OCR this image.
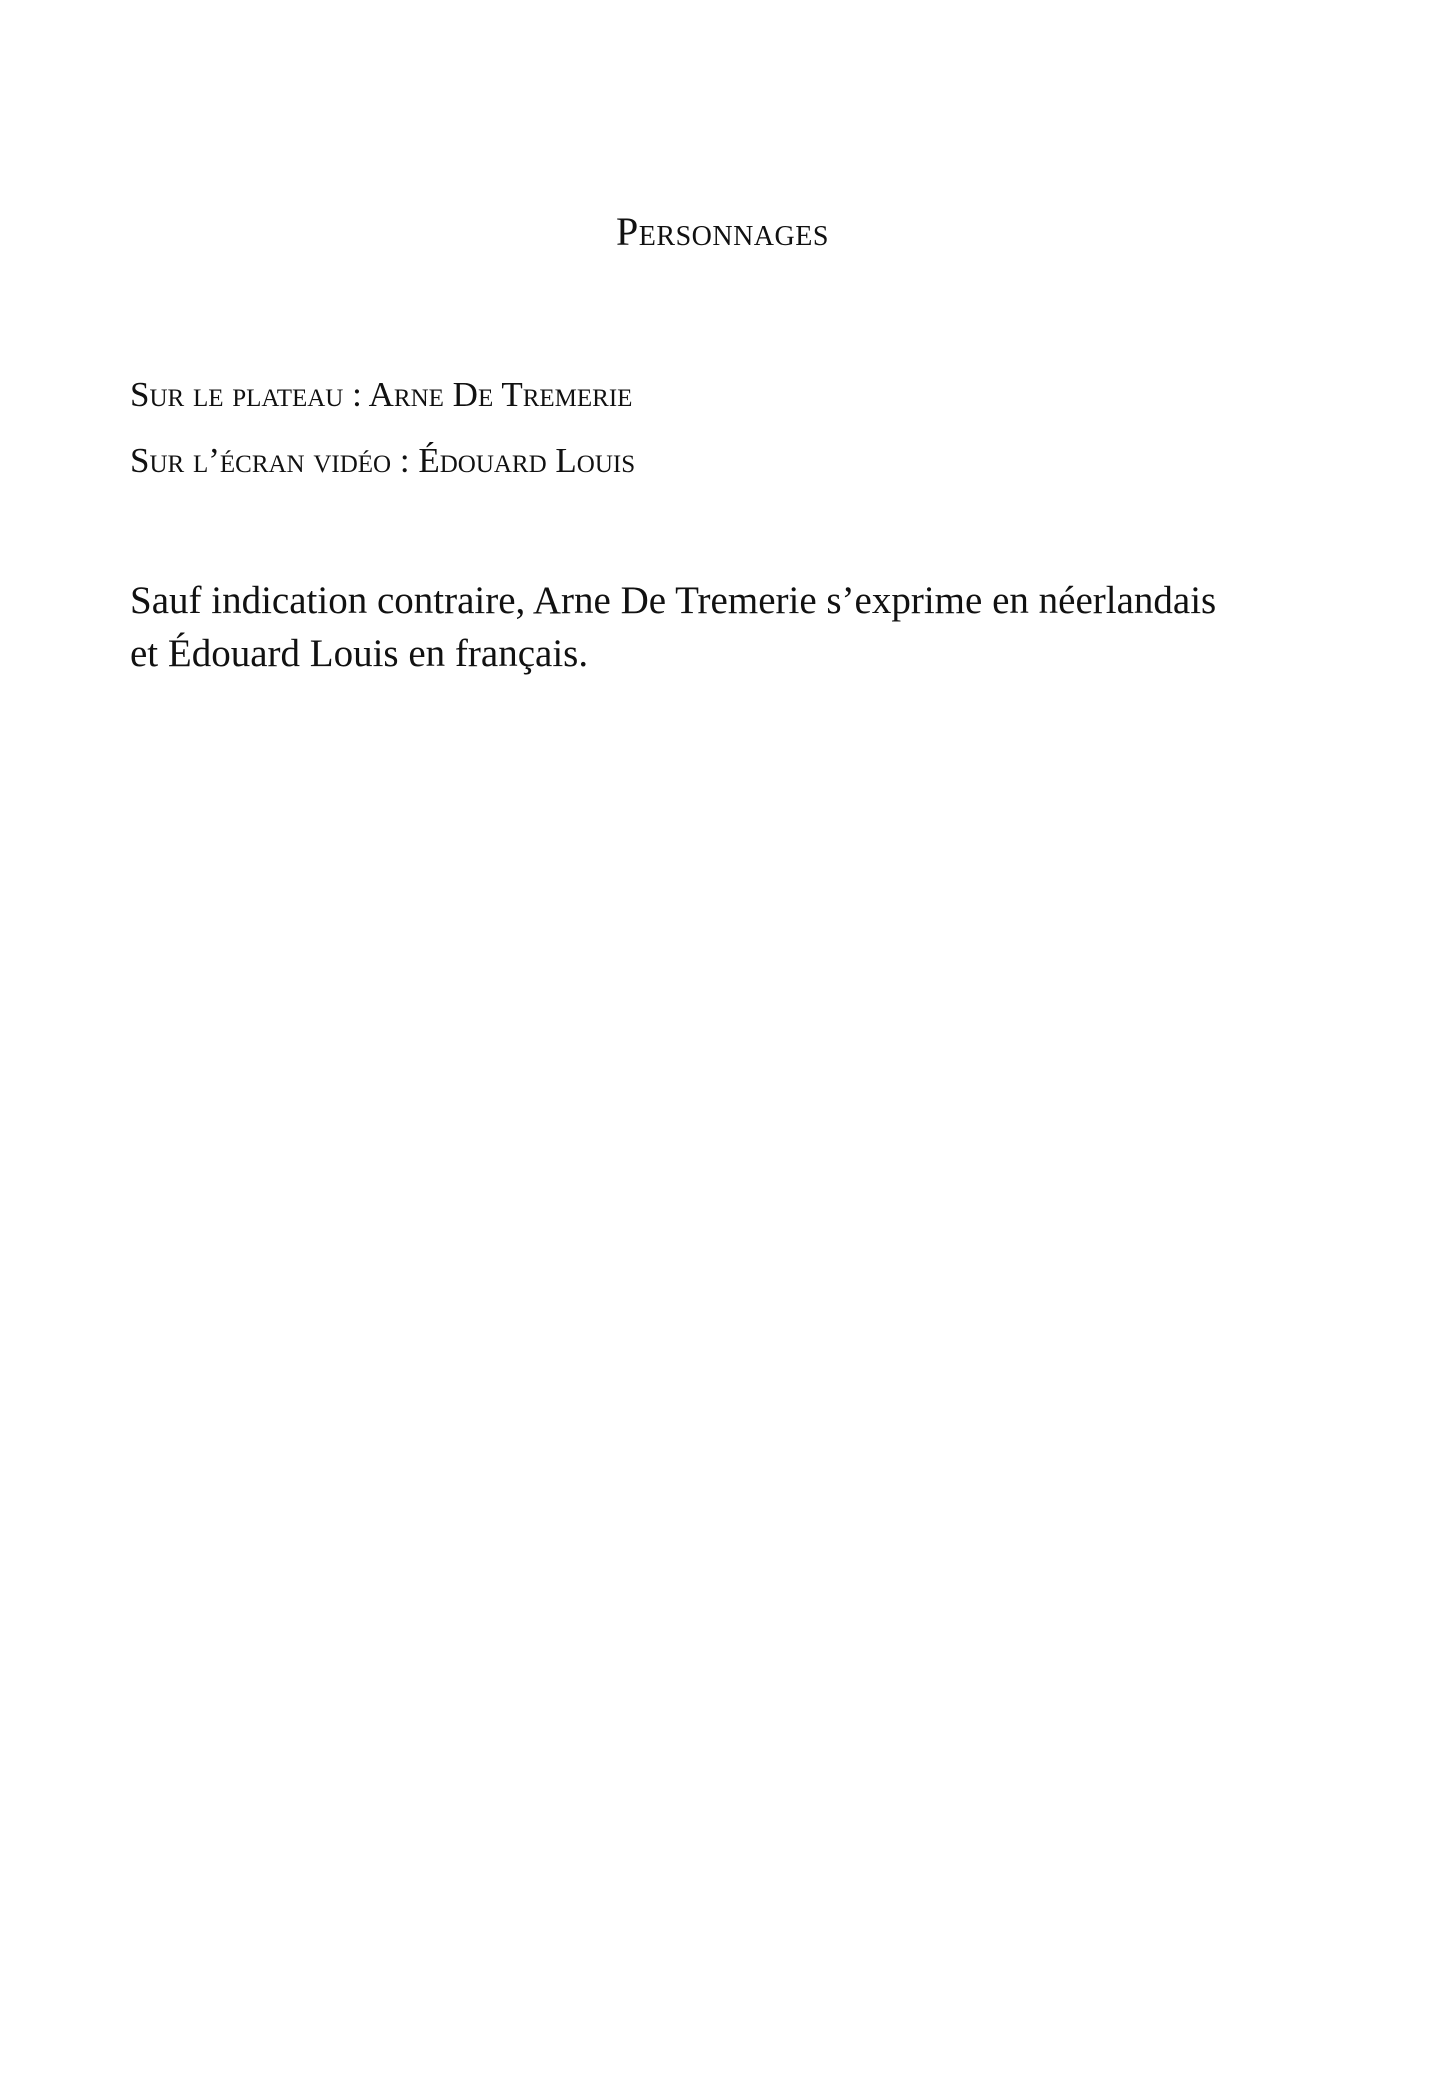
Personnages
Sur le plateau : Arne De Tremerie
Sur l’écran vidéo : Édouard Louis

Sauf indication contraire, Arne De Tremerie s’exprime en néerlandais
et Édouard Louis en français.
